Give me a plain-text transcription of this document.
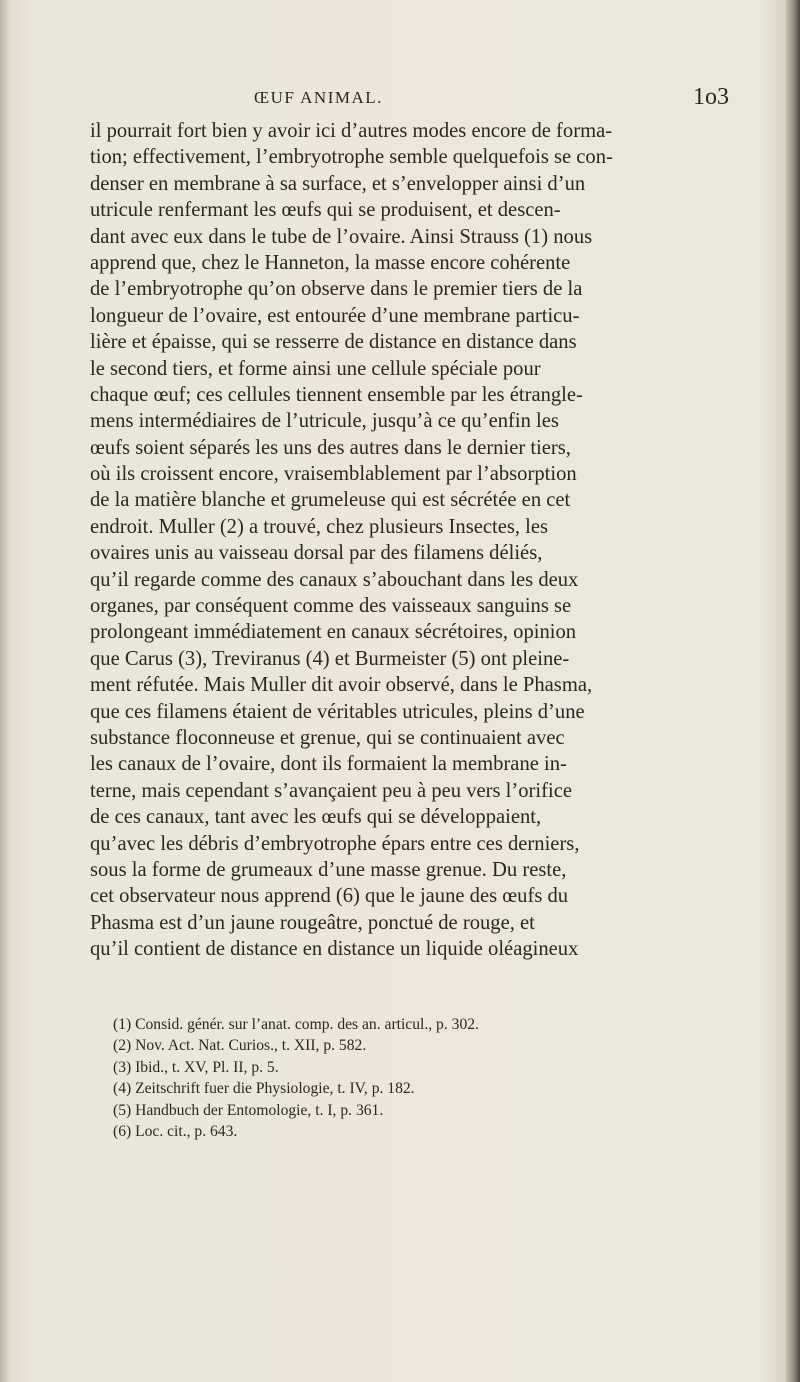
ŒUF ANIMAL.	1o3
il pourrait fort bien y avoir ici d’autres modes encore de forma-
tion; effectivement, l’embryotrophe semble quelquefois se con-
denser en membrane à sa surface, et s’envelopper ainsi d’un
utricule renfermant les œufs qui se produisent, et descen-
dant avec eux dans le tube de l’ovaire. Ainsi Strauss (1) nous
apprend que, chez le Hanneton, la masse encore cohérente
de l’embryotrophe qu’on observe dans le premier tiers de la
longueur de l’ovaire, est entourée d’une membrane particu-
lière et épaisse, qui se resserre de distance en distance dans
le second tiers, et forme ainsi une cellule spéciale pour
chaque œuf; ces cellules tiennent ensemble par les étrangle-
mens intermédiaires de l’utricule, jusqu’à ce qu’enfin les
œufs soient séparés les uns des autres dans le dernier tiers,
où ils croissent encore, vraisemblablement par l’absorption
de la matière blanche et grumeleuse qui est sécrétée en cet
endroit. Muller (2) a trouvé, chez plusieurs Insectes, les
ovaires unis au vaisseau dorsal par des filamens déliés,
qu’il regarde comme des canaux s’abouchant dans les deux
organes, par conséquent comme des vaisseaux sanguins se
prolongeant immédiatement en canaux sécrétoires, opinion
que Carus (3), Treviranus (4) et Burmeister (5) ont pleine-
ment réfutée. Mais Muller dit avoir observé, dans le Phasma,
que ces filamens étaient de véritables utricules, pleins d’une
substance floconneuse et grenue, qui se continuaient avec
les canaux de l’ovaire, dont ils formaient la membrane in-
terne, mais cependant s’avançaient peu à peu vers l’orifice
de ces canaux, tant avec les œufs qui se développaient,
qu’avec les débris d’embryotrophe épars entre ces derniers,
sous la forme de grumeaux d’une masse grenue. Du reste,
cet observateur nous apprend (6) que le jaune des œufs du
Phasma est d’un jaune rougeâtre, ponctué de rouge, et
qu’il contient de distance en distance un liquide oléagineux
(1) Consid. génér. sur l’anat. comp. des an. articul., p. 302.
(2) Nov. Act. Nat. Curios., t. XII, p. 582.
(3) Ibid., t. XV, Pl. II, p. 5.
(4) Zeitschrift fuer die Physiologie, t. IV, p. 182.
(5) Handbuch der Entomologie, t. I, p. 361.
(6) Loc. cit., p. 643.
